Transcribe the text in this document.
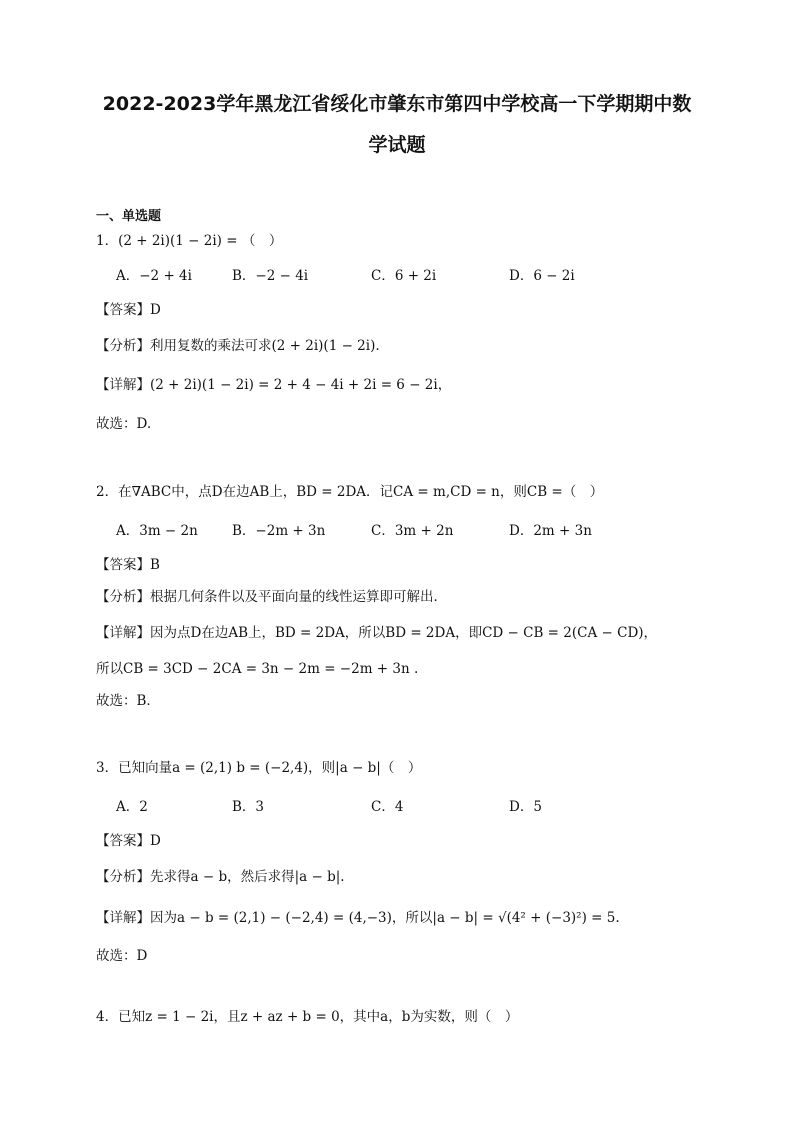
2022-2023学年黑龙江省绥化市肇东市第四中学校高一下学期期中数
学试题
一、单选题
1．(2 + 2i)(1 − 2i) = （　）
A．−2 + 4i	B．−2 − 4i	C．6 + 2i	D．6 − 2i
【答案】D
【分析】利用复数的乘法可求(2 + 2i)(1 − 2i).
【详解】(2 + 2i)(1 − 2i) = 2 + 4 − 4i + 2i = 6 − 2i，
故选：D.
2．在∇ABC中，点D在边AB上，BD = 2DA．记CA = m,CD = n，则CB =（　）
A．3m − 2n	B．−2m + 3n	C．3m + 2n	D．2m + 3n
【答案】B
【分析】根据几何条件以及平面向量的线性运算即可解出．
【详解】因为点D在边AB上，BD = 2DA，所以BD = 2DA，即CD − CB = 2(CA − CD)，
所以CB = 3CD − 2CA = 3n − 2m = −2m + 3n .
故选：B．
3．已知向量a = (2,1) b = (−2,4)，则|a − b|（　）
A．2	B．3	C．4	D．5
【答案】D
【分析】先求得a − b，然后求得|a − b|.
【详解】因为a − b = (2,1) − (−2,4) = (4,−3)，所以|a − b| = √(4² + (−3)²) = 5.
故选：D
4．已知z = 1 − 2i，且z + az + b = 0，其中a，b为实数，则（　）
